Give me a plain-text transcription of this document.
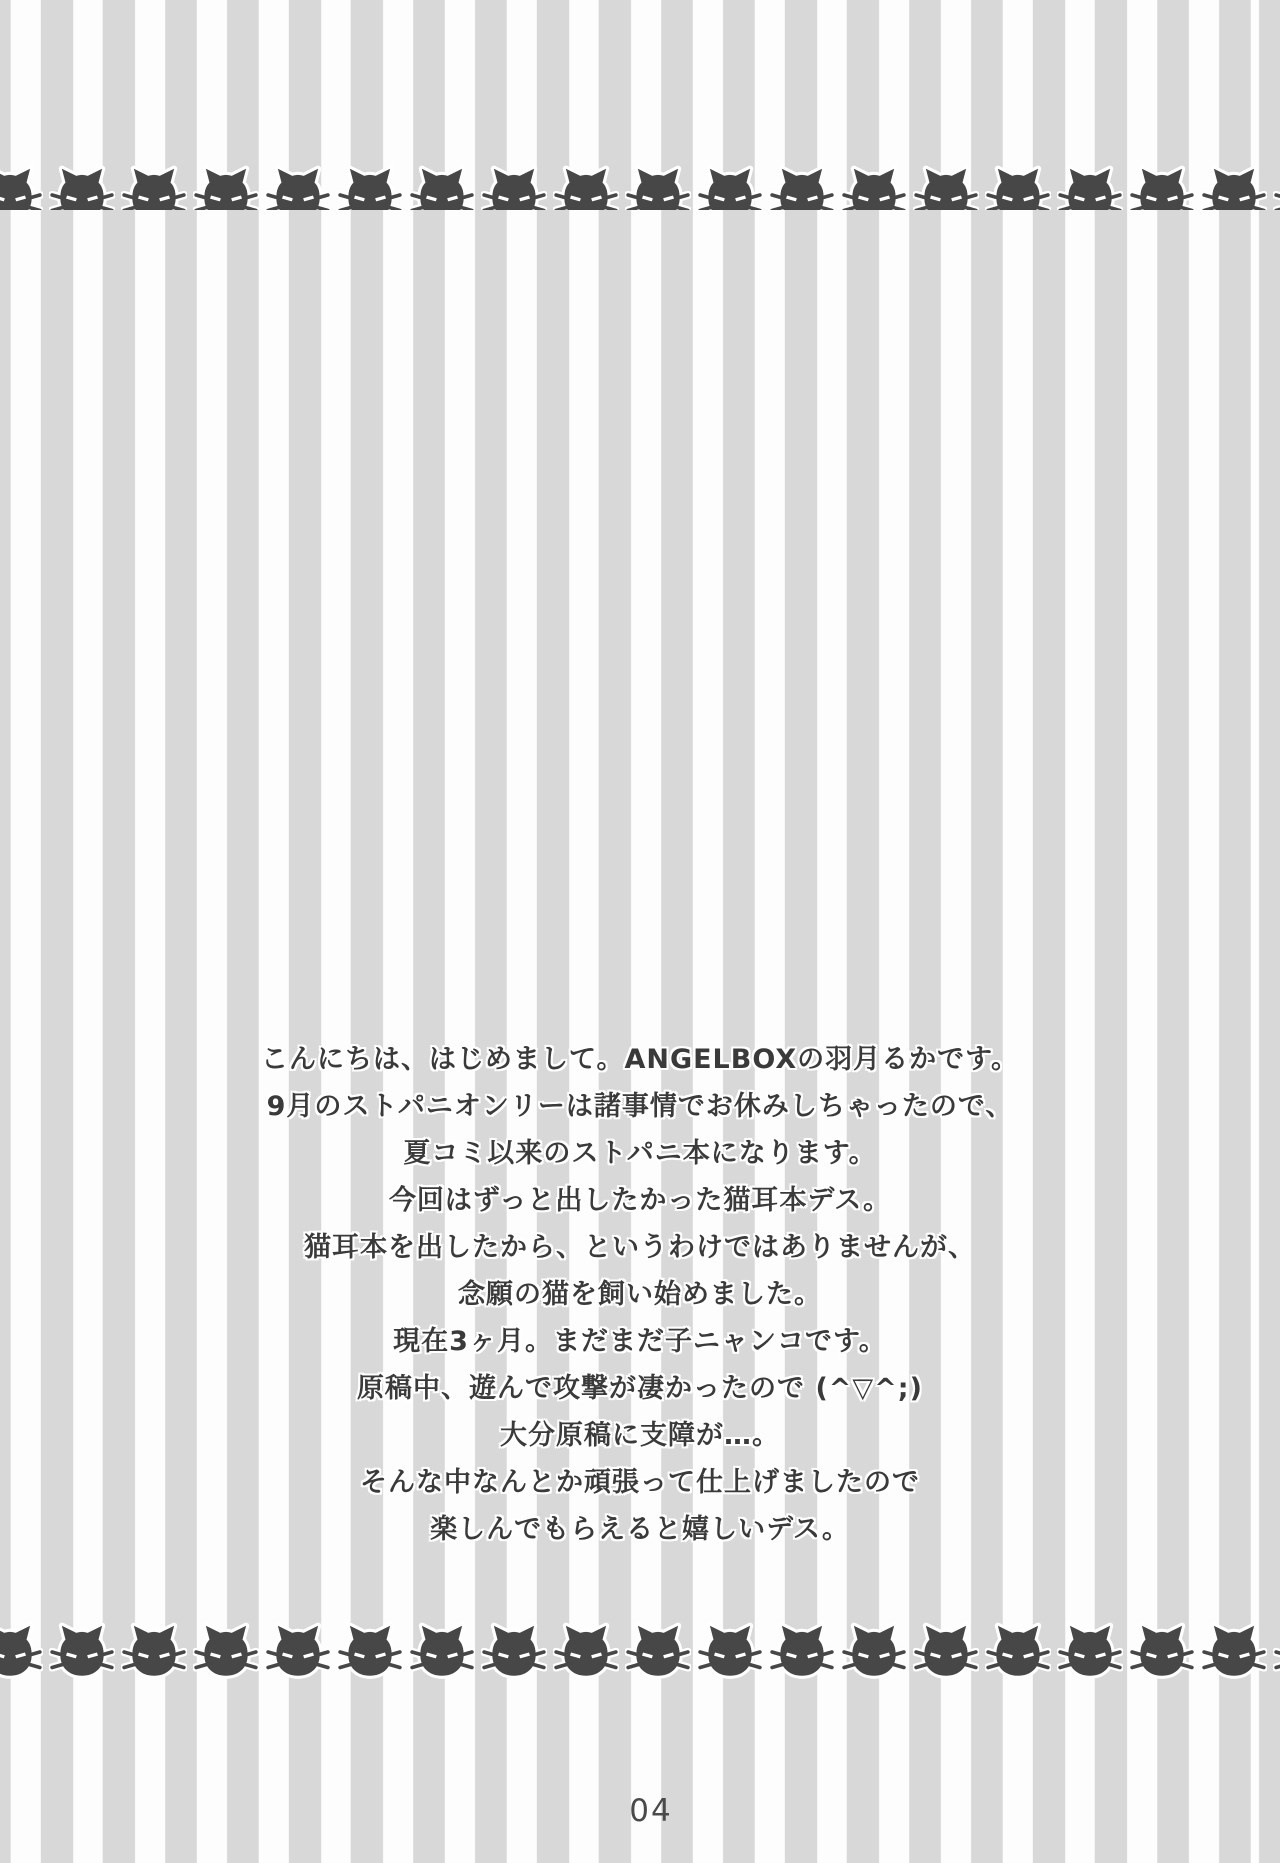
こんにちは、はじめまして。ANGELBOXの羽月るかです。
9月のストパニオンリーは諸事情でお休みしちゃったので、
夏コミ以来のストパニ本になります。
今回はずっと出したかった猫耳本デス。
猫耳本を出したから、というわけではありませんが、
念願の猫を飼い始めました。
現在3ヶ月。まだまだ子ニャンコです。
原稿中、遊んで攻撃が凄かったので (^▽^;)
大分原稿に支障が…。
そんな中なんとか頑張って仕上げましたので
楽しんでもらえると嬉しいデス。
04
